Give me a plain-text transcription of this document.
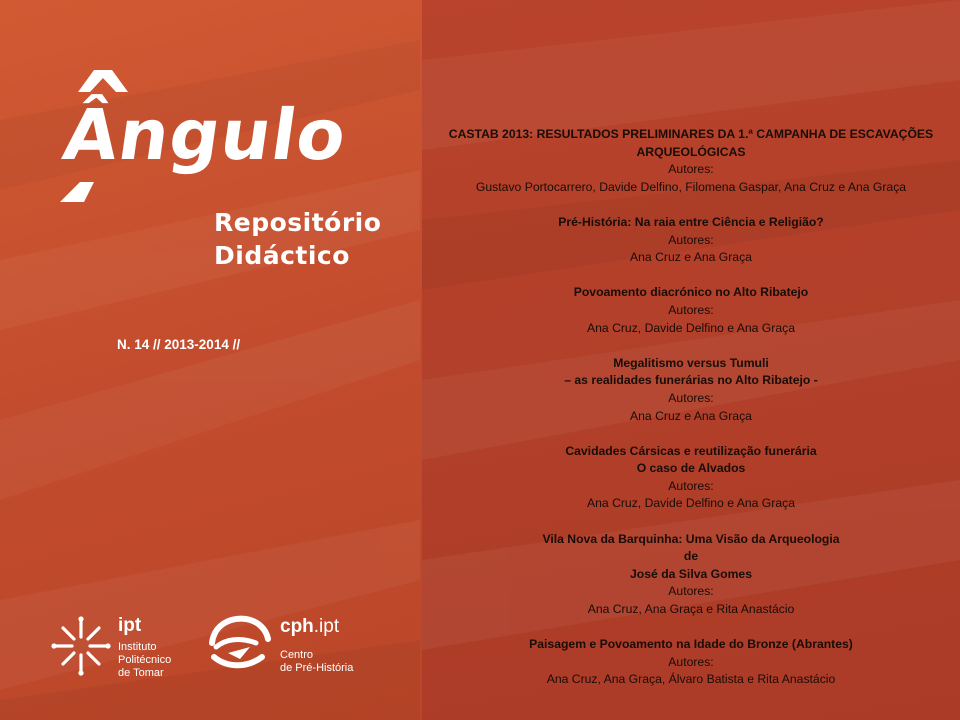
Ângulo
Repositório
Didáctico
N. 14 // 2013-2014 //
CASTAB 2013: RESULTADOS PRELIMINARES DA 1.ª CAMPANHA DE ESCAVAÇÕES
ARQUEOLÓGICAS
Autores:
Gustavo Portocarrero, Davide Delfino, Filomena Gaspar, Ana Cruz e Ana Graça
Pré-História: Na raia entre Ciência e Religião?
Autores:
Ana Cruz e Ana Graça
Povoamento diacrónico no Alto Ribatejo
Autores:
Ana Cruz, Davide Delfino e Ana Graça
Megalitismo versus Tumuli
– as realidades funerárias no Alto Ribatejo -
Autores:
Ana Cruz e Ana Graça
Cavidades Cársicas e reutilização funerária
O caso de Alvados
Autores:
Ana Cruz, Davide Delfino e Ana Graça
Vila Nova da Barquinha: Uma Visão da Arqueologia
de
José da Silva Gomes
Autores:
Ana Cruz, Ana Graça e Rita Anastácio
Paisagem e Povoamento na Idade do Bronze (Abrantes)
Autores:
Ana Cruz, Ana Graça, Álvaro Batista e Rita Anastácio
ipt
Instituto
Politécnico
de Tomar
cph.ipt
Centro
de Pré-História
